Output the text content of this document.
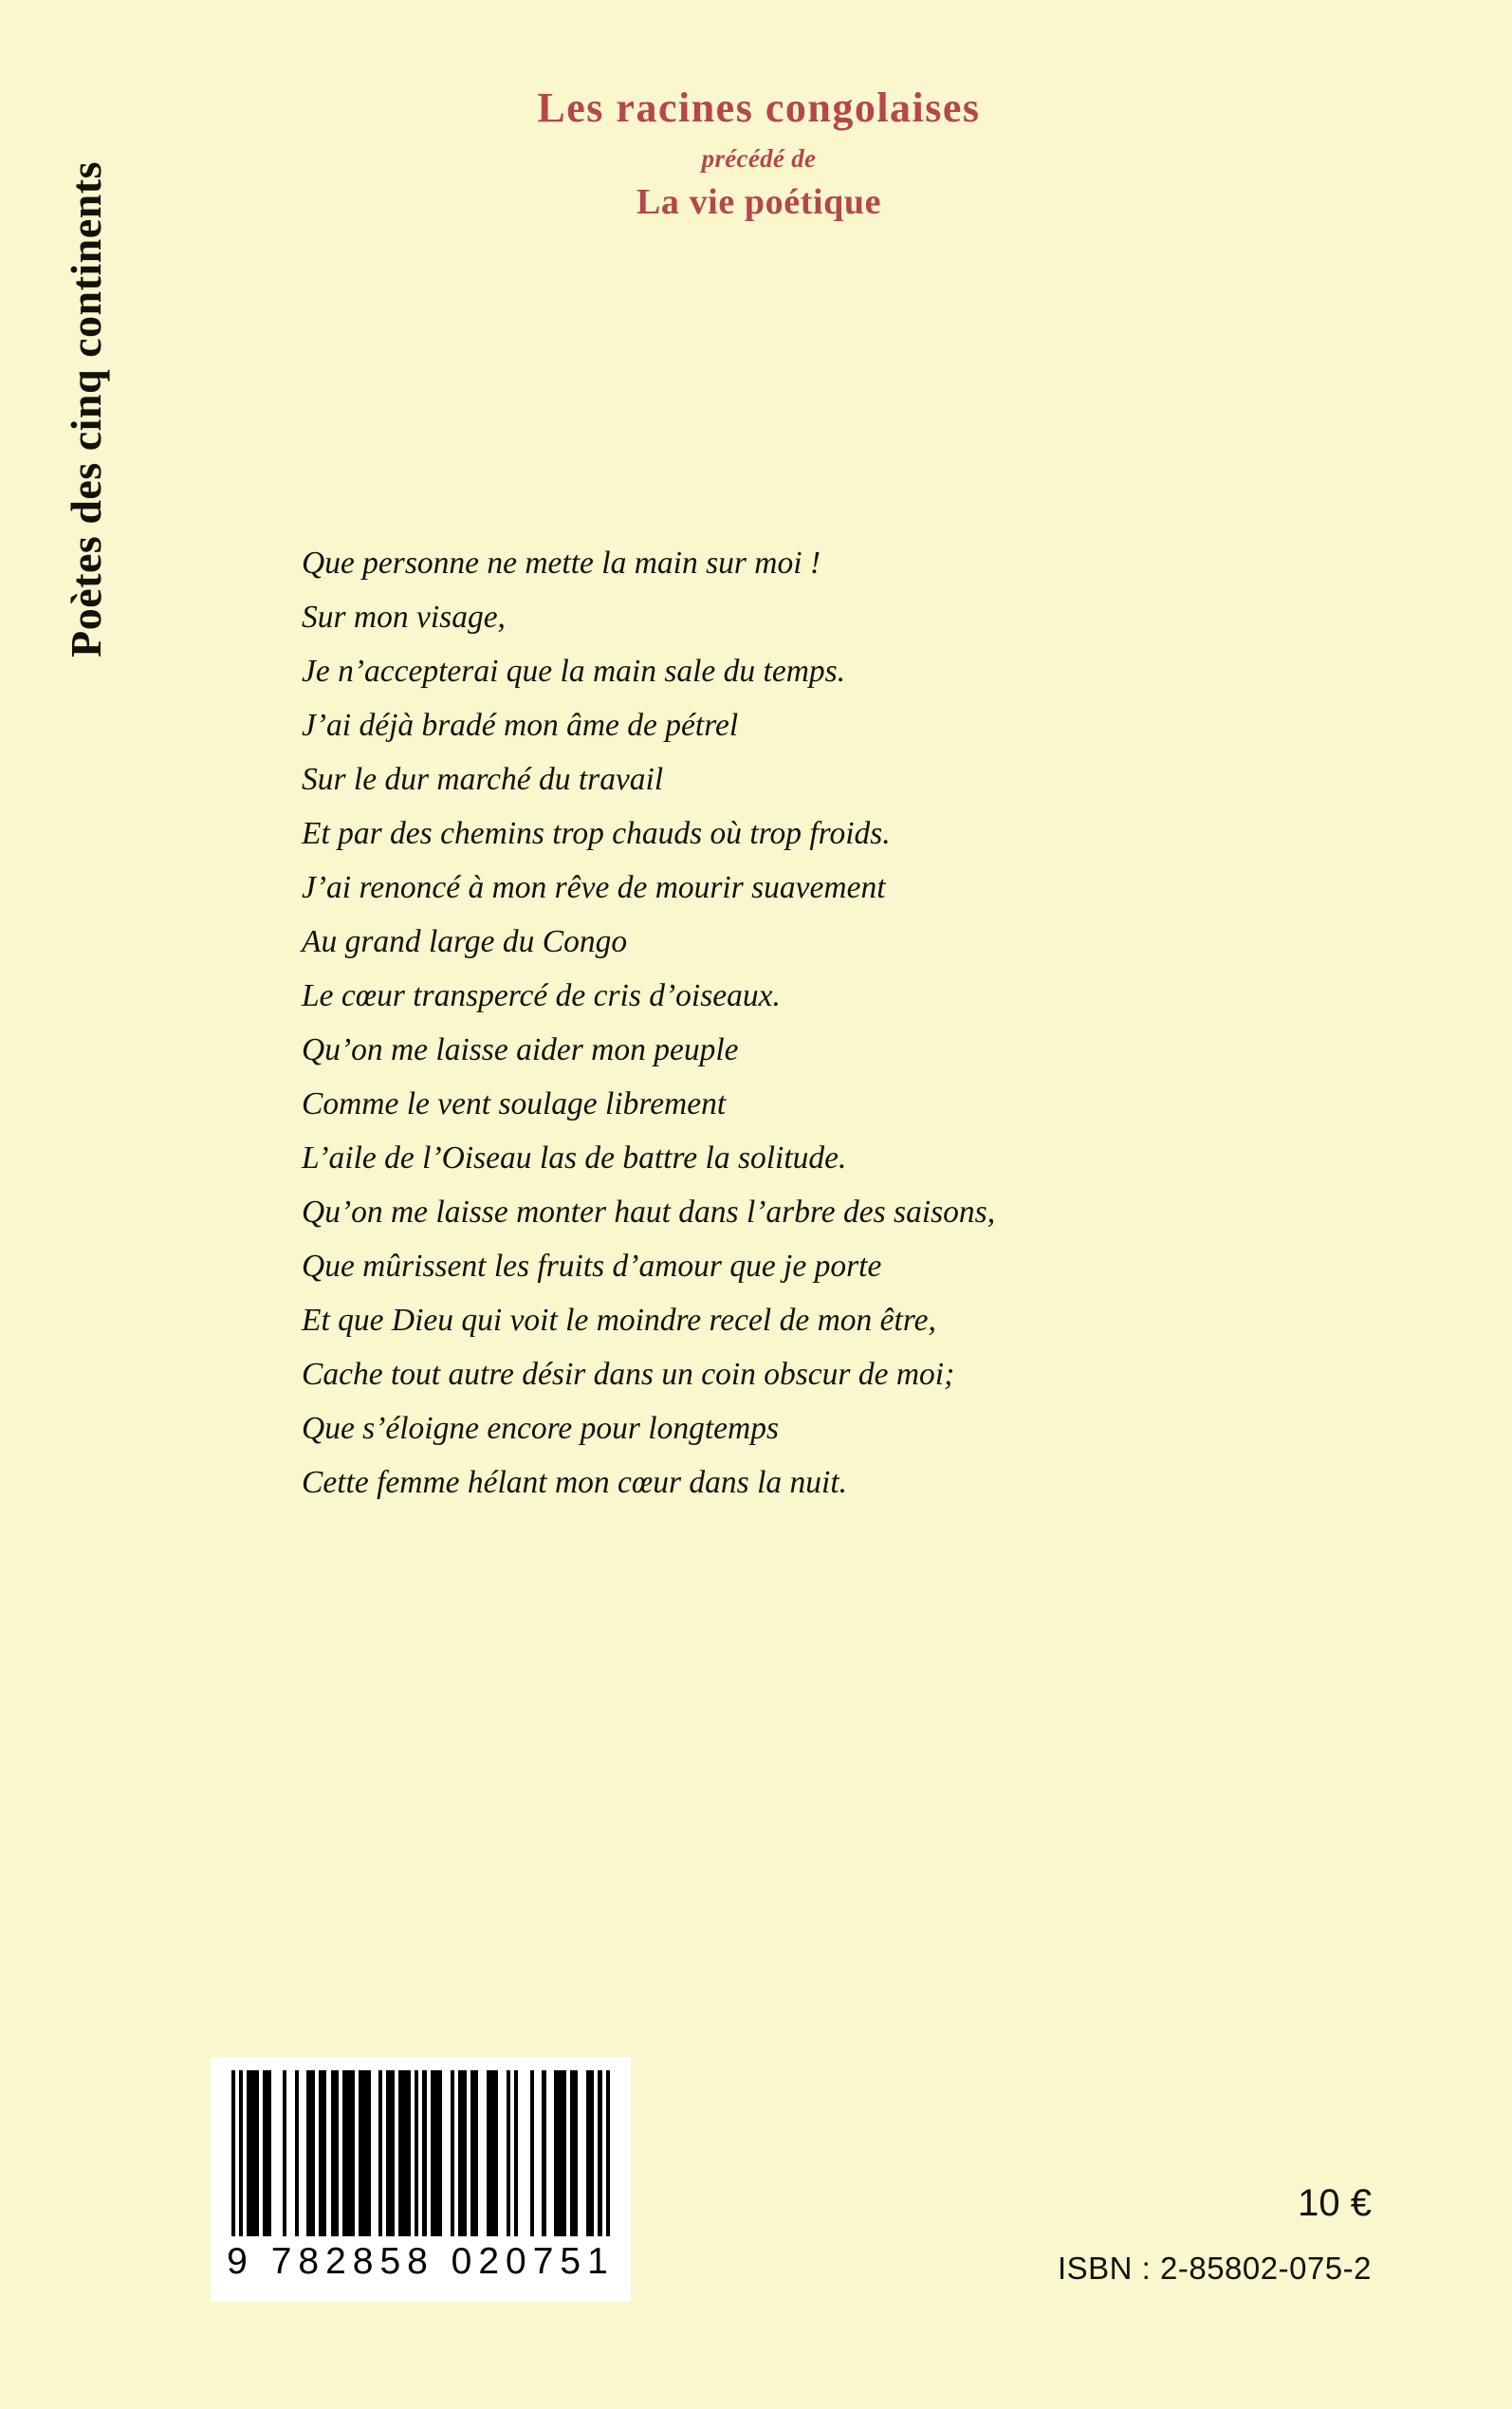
Poètes des cinq continents
Les racines congolaises
précédé de
La vie poétique
Que personne ne mette la main sur moi !
Sur mon visage,
Je n’accepterai que la main sale du temps.
J’ai déjà bradé mon âme de pétrel
Sur le dur marché du travail
Et par des chemins trop chauds où trop froids.
J’ai renoncé à mon rêve de mourir suavement
Au grand large du Congo
Le cœur transpercé de cris d’oiseaux.
Qu’on me laisse aider mon peuple
Comme le vent soulage librement
L’aile de l’Oiseau las de battre la solitude.
Qu’on me laisse monter haut dans l’arbre des saisons,
Que mûrissent les fruits d’amour que je porte
Et que Dieu qui voit le moindre recel de mon être,
Cache tout autre désir dans un coin obscur de moi;
Que s’éloigne encore pour longtemps
Cette femme hélant mon cœur dans la nuit.
9 782858 020751
10 €
ISBN : 2-85802-075-2
